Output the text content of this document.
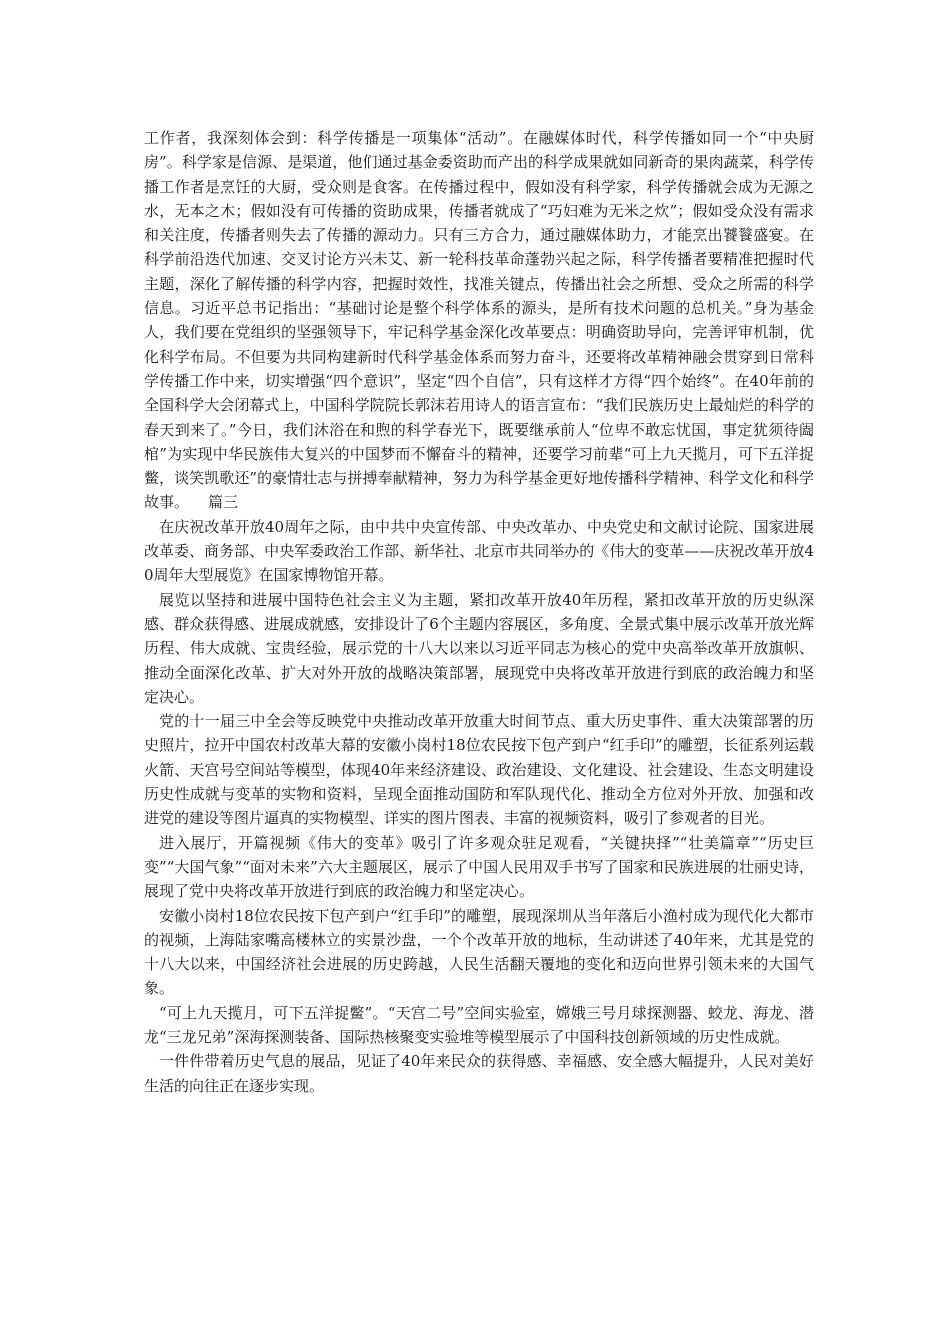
工作者，我深刻体会到：科学传播是一项集体“活动”。在融媒体时代，科学传播如同一个“中央厨房”。科学家是信源、是渠道，他们通过基金委资助而产出的科学成果就如同新奇的果肉蔬菜，科学传播工作者是烹饪的大厨，受众则是食客。在传播过程中，假如没有科学家，科学传播就会成为无源之水，无本之木；假如没有可传播的资助成果，传播者就成了“巧妇难为无米之炊”；假如受众没有需求和关注度，传播者则失去了传播的源动力。只有三方合力，通过融媒体助力，才能烹出饕餮盛宴。在科学前沿迭代加速、交叉讨论方兴未艾、新一轮科技革命蓬勃兴起之际，科学传播者要精准把握时代主题，深化了解传播的科学内容，把握时效性，找准关键点，传播出社会之所想、受众之所需的科学信息。习近平总书记指出：“基础讨论是整个科学体系的源头，是所有技术问题的总机关。”身为基金人，我们要在党组织的坚强领导下，牢记科学基金深化改革要点：明确资助导向，完善评审机制，优化科学布局。不但要为共同构建新时代科学基金体系而努力奋斗，还要将改革精神融会贯穿到日常科学传播工作中来，切实增强“四个意识”，坚定“四个自信”，只有这样才方得“四个始终”。在40年前的全国科学大会闭幕式上，中国科学院院长郭沫若用诗人的语言宣布：“我们民族历史上最灿烂的科学的春天到来了。”今日，我们沐浴在和煦的科学春光下，既要继承前人“位卑不敢忘忧国，事定犹须待阖棺”为实现中华民族伟大复兴的中国梦而不懈奋斗的精神，还要学习前辈“可上九天揽月，可下五洋捉鳖，谈笑凯歌还”的豪情壮志与拼搏奉献精神，努力为科学基金更好地传播科学精神、科学文化和科学故事。    篇三

在庆祝改革开放40周年之际，由中共中央宣传部、中央改革办、中央党史和文献讨论院、国家进展改革委、商务部、中央军委政治工作部、新华社、北京市共同举办的《伟大的变革——庆祝改革开放40周年大型展览》在国家博物馆开幕。

展览以坚持和进展中国特色社会主义为主题，紧扣改革开放40年历程，紧扣改革开放的历史纵深感、群众获得感、进展成就感，安排设计了6个主题内容展区，多角度、全景式集中展示改革开放光辉历程、伟大成就、宝贵经验，展示党的十八大以来以习近平同志为核心的党中央高举改革开放旗帜、推动全面深化改革、扩大对外开放的战略决策部署，展现党中央将改革开放进行到底的政治魄力和坚定决心。

党的十一届三中全会等反映党中央推动改革开放重大时间节点、重大历史事件、重大决策部署的历史照片，拉开中国农村改革大幕的安徽小岗村18位农民按下包产到户“红手印”的雕塑，长征系列运载火箭、天宫号空间站等模型，体现40年来经济建设、政治建设、文化建设、社会建设、生态文明建设历史性成就与变革的实物和资料，呈现全面推动国防和军队现代化、推动全方位对外开放、加强和改进党的建设等图片逼真的实物模型、详实的图片图表、丰富的视频资料，吸引了参观者的目光。

进入展厅，开篇视频《伟大的变革》吸引了许多观众驻足观看，“关键抉择”“壮美篇章”“历史巨变”“大国气象”“面对未来”六大主题展区，展示了中国人民用双手书写了国家和民族进展的壮丽史诗，展现了党中央将改革开放进行到底的政治魄力和坚定决心。

安徽小岗村18位农民按下包产到户“红手印”的雕塑，展现深圳从当年落后小渔村成为现代化大都市的视频，上海陆家嘴高楼林立的实景沙盘，一个个改革开放的地标，生动讲述了40年来，尤其是党的十八大以来，中国经济社会进展的历史跨越，人民生活翻天覆地的变化和迈向世界引领未来的大国气象。

“可上九天揽月，可下五洋捉鳖”。“天宫二号”空间实验室，嫦娥三号月球探测器、蛟龙、海龙、潜龙“三龙兄弟”深海探测装备、国际热核聚变实验堆等模型展示了中国科技创新领域的历史性成就。

一件件带着历史气息的展品，见证了40年来民众的获得感、幸福感、安全感大幅提升，人民对美好生活的向往正在逐步实现。
